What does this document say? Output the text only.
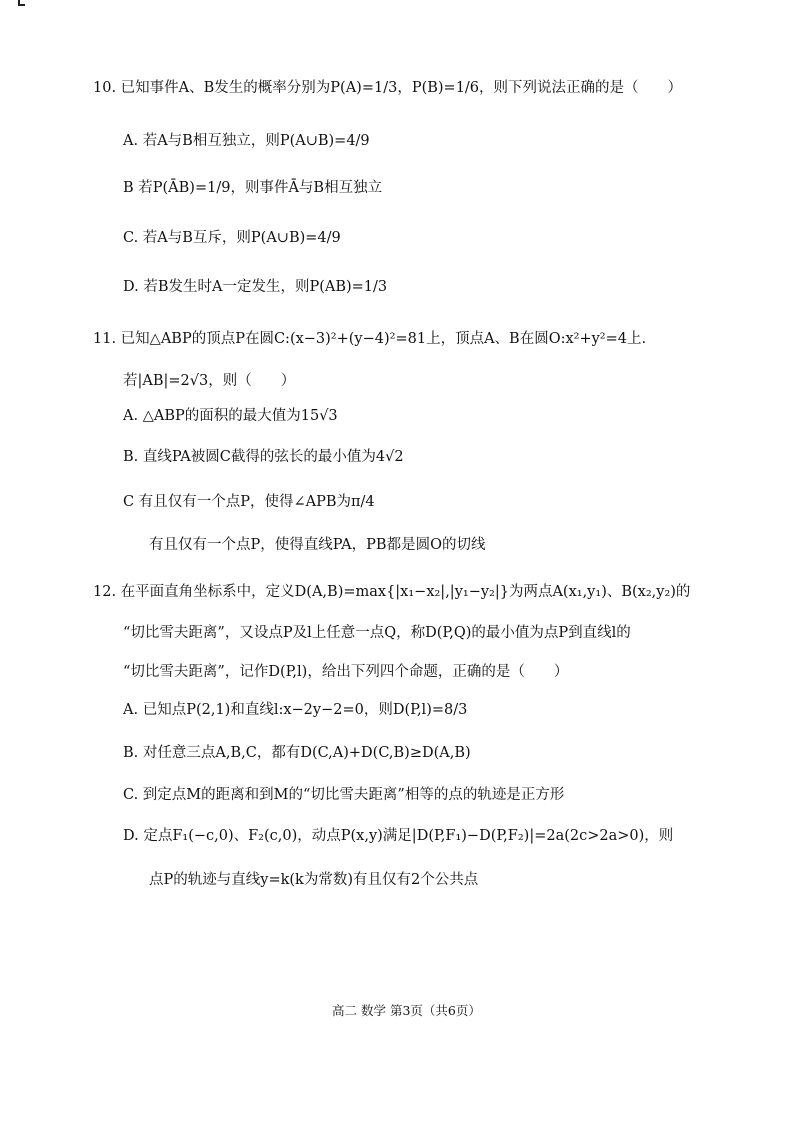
10. 已知事件A、B发生的概率分别为P(A)=1/3，P(B)=1/6，则下列说法正确的是（　　）
A. 若A与B相互独立，则P(A∪B)=4/9
B 若P(ĀB)=1/9，则事件Ā与B相互独立
C. 若A与B互斥，则P(A∪B)=4/9
D. 若B发生时A一定发生，则P(AB)=1/3
11. 已知△ABP的顶点P在圆C:(x−3)²+(y−4)²=81上，顶点A、B在圆O:x²+y²=4上.
若|AB|=2√3，则（　　）
A. △ABP的面积的最大值为15√3
B. 直线PA被圆C截得的弦长的最小值为4√2
C 有且仅有一个点P，使得∠APB为π/4
有且仅有一个点P，使得直线PA，PB都是圆O的切线
12. 在平面直角坐标系中，定义D(A,B)=max{|x₁−x₂|,|y₁−y₂|}为两点A(x₁,y₁)、B(x₂,y₂)的
“切比雪夫距离”，又设点P及l上任意一点Q，称D(P,Q)的最小值为点P到直线l的
“切比雪夫距离”，记作D(P,l)，给出下列四个命题，正确的是（　　）
A. 已知点P(2,1)和直线l:x−2y−2=0，则D(P,l)=8/3
B. 对任意三点A,B,C，都有D(C,A)+D(C,B)≥D(A,B)
C. 到定点M的距离和到M的“切比雪夫距离”相等的点的轨迹是正方形
D. 定点F₁(−c,0)、F₂(c,0)，动点P(x,y)满足|D(P,F₁)−D(P,F₂)|=2a(2c>2a>0)，则
点P的轨迹与直线y=k(k为常数)有且仅有2个公共点
高二 数学 第3页（共6页）
